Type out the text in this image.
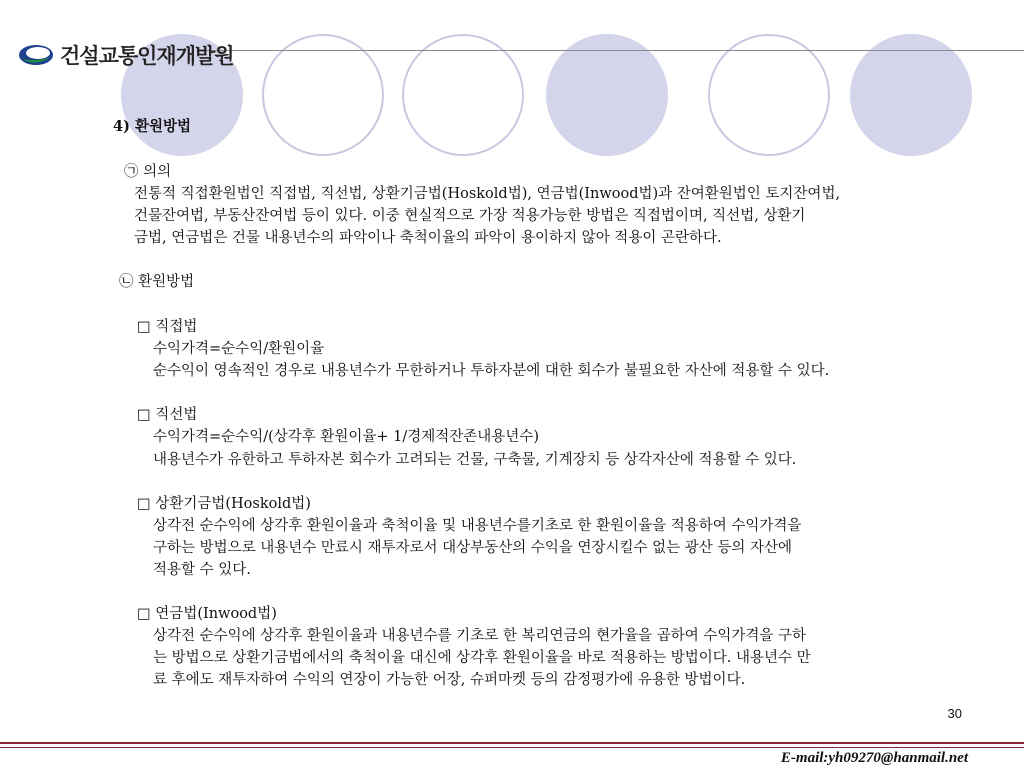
건설교통인재개발원
4) 환원방법
㉠ 의의
전통적 직접환원법인 직접법, 직선법, 상환기금법(Hoskold법), 연금법(Inwood법)과 잔여환원법인 토지잔여법,
건물잔여법, 부동산잔여법 등이 있다. 이중 현실적으로 가장 적용가능한 방법은 직접법이며, 직선법, 상환기
금법, 연금법은 건물 내용년수의 파악이나 축척이율의 파악이 용이하지 않아 적용이 곤란하다.
㉡ 환원방법
□ 직접법
수익가격=순수익/환원이율
순수익이 영속적인 경우로 내용년수가 무한하거나 투하자분에 대한 회수가 불필요한 자산에 적용할 수 있다.
□ 직선법
수익가격=순수익/(상각후 환원이율+ 1/경제적잔존내용년수)
내용년수가 유한하고 투하자본 회수가 고려되는 건물, 구축물, 기계장치 등 상각자산에 적용할 수 있다.
□ 상환기금법(Hoskold법)
상각전 순수익에 상각후 환원이율과 축척이율 및 내용년수를기초로 한 환원이율을 적용하여 수익가격을
구하는 방법으로 내용년수 만료시 재투자로서 대상부동산의 수익을 연장시킬수 없는 광산 등의 자산에
적용할 수 있다.
□ 연금법(Inwood법)
상각전 순수익에 상각후 환원이율과 내용년수를 기초로 한 복리연금의 현가율을 곱하여 수익가격을 구하
는 방법으로 상환기금법에서의 축척이율 대신에 상각후 환원이율을 바로 적용하는 방법이다. 내용년수 만
료 후에도 재투자하여 수익의 연장이 가능한 어장, 슈퍼마켓 등의 감정평가에 유용한 방법이다.
30
E-mail:yh09270@hanmail.net
